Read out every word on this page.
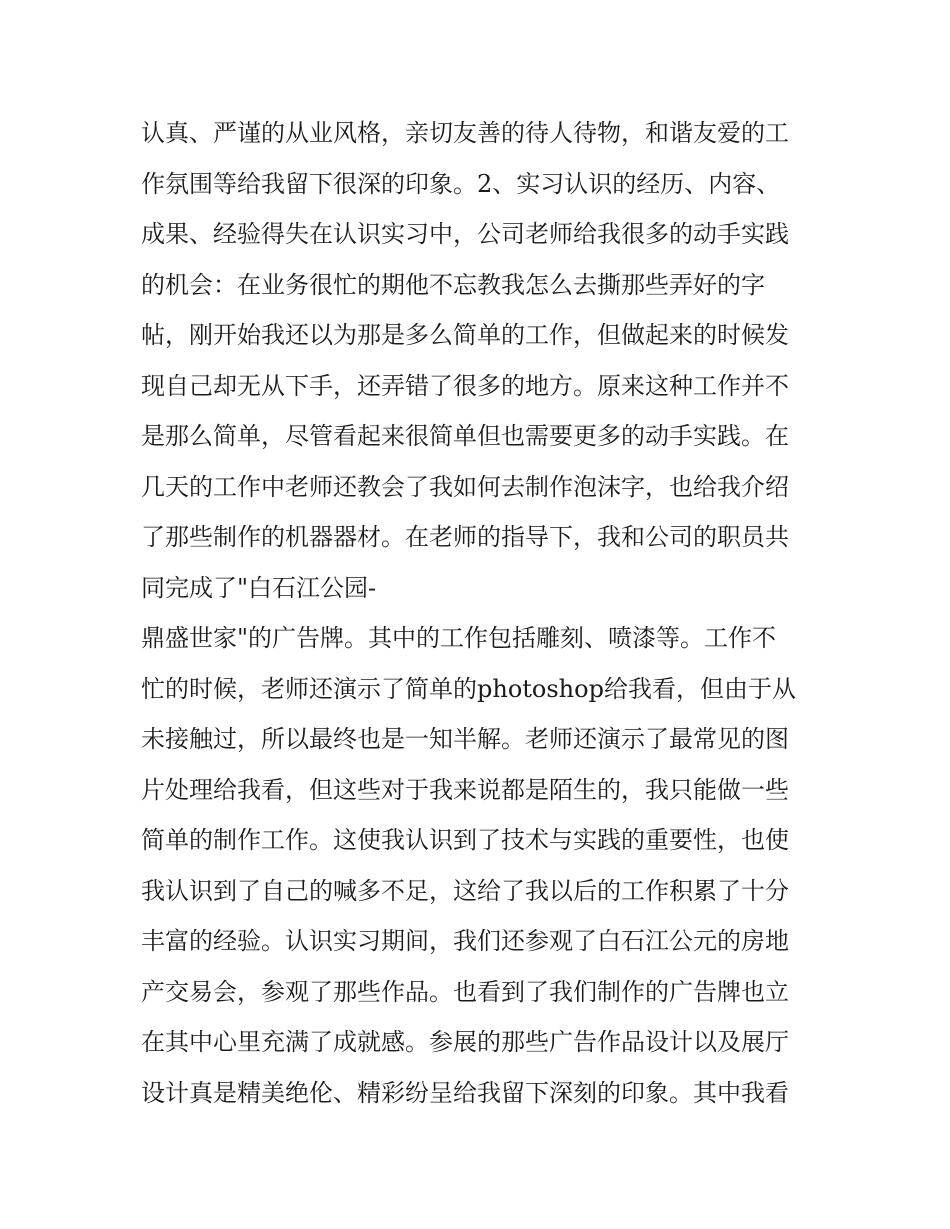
认真、严谨的从业风格，亲切友善的待人待物，和谐友爱的工
作氛围等给我留下很深的印象。2、实习认识的经历、内容、
成果、经验得失在认识实习中，公司老师给我很多的动手实践
的机会：在业务很忙的期他不忘教我怎么去撕那些弄好的字
帖，刚开始我还以为那是多么简单的工作，但做起来的时候发
现自己却无从下手，还弄错了很多的地方。原来这种工作并不
是那么简单，尽管看起来很简单但也需要更多的动手实践。在
几天的工作中老师还教会了我如何去制作泡沫字，也给我介绍
了那些制作的机器器材。在老师的指导下，我和公司的职员共
同完成了"白石江公园-
鼎盛世家"的广告牌。其中的工作包括雕刻、喷漆等。工作不
忙的时候，老师还演示了简单的photoshop给我看，但由于从
未接触过，所以最终也是一知半解。老师还演示了最常见的图
片处理给我看，但这些对于我来说都是陌生的，我只能做一些
简单的制作工作。这使我认识到了技术与实践的重要性，也使
我认识到了自己的喊多不足，这给了我以后的工作积累了十分
丰富的经验。认识实习期间，我们还参观了白石江公元的房地
产交易会，参观了那些作品。也看到了我们制作的广告牌也立
在其中心里充满了成就感。参展的那些广告作品设计以及展厅
设计真是精美绝伦、精彩纷呈给我留下深刻的印象。其中我看
